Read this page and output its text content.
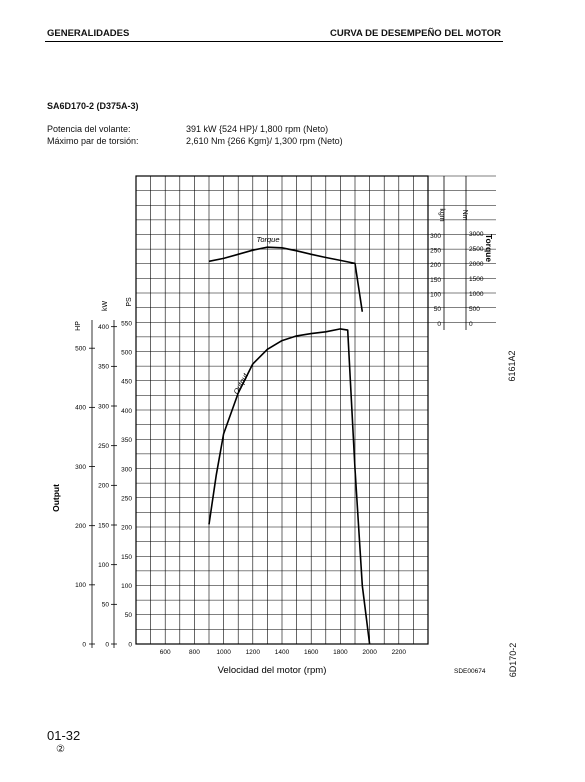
GENERALIDADES	CURVA DE DESEMPEÑO DEL MOTOR
SA6D170-2 (D375A-3)
Potencia del volante:	391 kW {524 HP}/ 1,800 rpm (Neto)
Máximo par de torsión:	2,610 Nm {266 Kgm}/ 1,300 rpm (Neto)
600	800	1000 1200 1400 1600 1800 2000 2200
0
100
200
300
400
500
0
50
100
150
200
250
300
350
400
0
50
100
150
200
250
300
350
400
450
500
550	0
50
100
150
200
250
300
0
500
1000
1500
2000
2500
3000
Velocidad del motor (rpm)	SDE00674
Output
Torque
HP
kW PS
kgm Nm
Torque
Output
6161A2
6D170-2
01-32
②
